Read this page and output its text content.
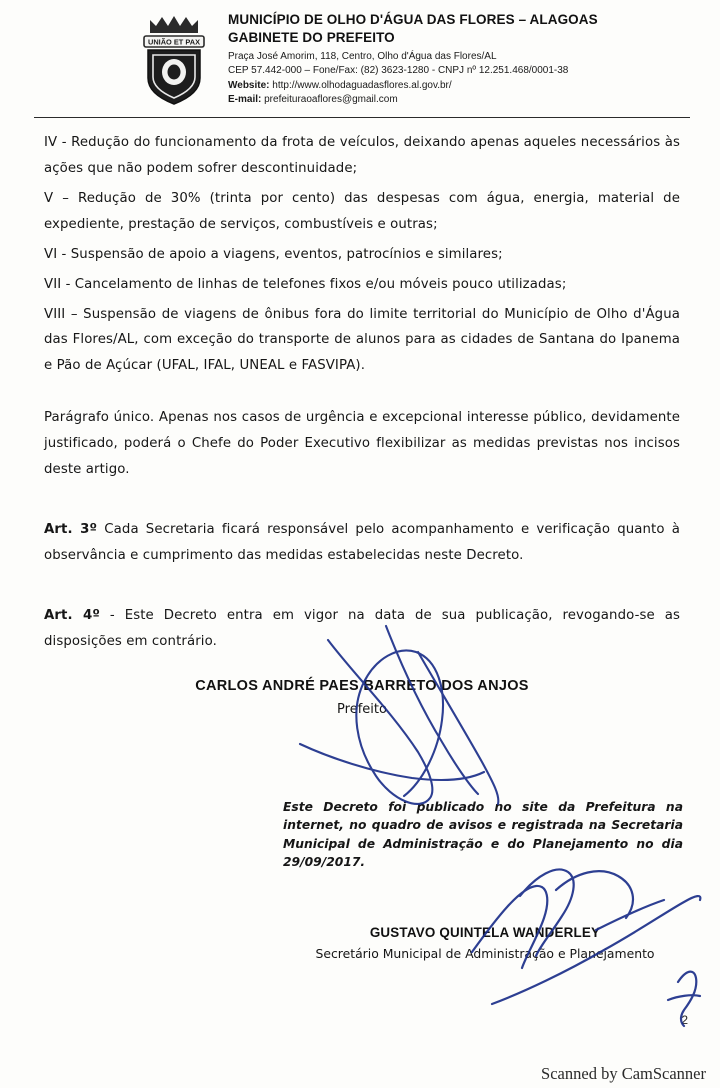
UNIÃO ET PAX
MUNICÍPIO DE OLHO D'ÁGUA DAS FLORES – ALAGOAS
GABINETE DO PREFEITO
Praça José Amorim, 118, Centro, Olho d'Água das Flores/AL
CEP 57.442-000 – Fone/Fax: (82) 3623-1280 - CNPJ nº 12.251.468/0001-38
Website: http://www.olhodaguadasflores.al.gov.br/
E-mail: prefeituraoaflores@gmail.com

IV - Redução do funcionamento da frota de veículos, deixando apenas aqueles necessários às ações que não podem sofrer descontinuidade;

V – Redução de 30% (trinta por cento) das despesas com água, energia, material de expediente, prestação de serviços, combustíveis e outras;

VI - Suspensão de apoio a viagens, eventos, patrocínios e similares;

VII - Cancelamento de linhas de telefones fixos e/ou móveis pouco utilizadas;

VIII – Suspensão de viagens de ônibus fora do limite territorial do Município de Olho d'Água das Flores/AL, com exceção do transporte de alunos para as cidades de Santana do Ipanema e Pão de Açúcar (UFAL, IFAL, UNEAL e FASVIPA).

Parágrafo único. Apenas nos casos de urgência e excepcional interesse público, devidamente justificado, poderá o Chefe do Poder Executivo flexibilizar as medidas previstas nos incisos deste artigo.

Art. 3º Cada Secretaria ficará responsável pelo acompanhamento e verificação quanto à observância e cumprimento das medidas estabelecidas neste Decreto.

Art. 4º - Este Decreto entra em vigor na data de sua publicação, revogando-se as disposições em contrário.

CARLOS ANDRÉ PAES BARRETO DOS ANJOS
Prefeito
Este Decreto foi publicado no site da Prefeitura na internet, no quadro de avisos e registrada na Secretaria Municipal de Administração e do Planejamento no dia 29/09/2017.
GUSTAVO QUINTELA WANDERLEY
Secretário Municipal de Administração e Planejamento
2
Scanned by CamScanner
